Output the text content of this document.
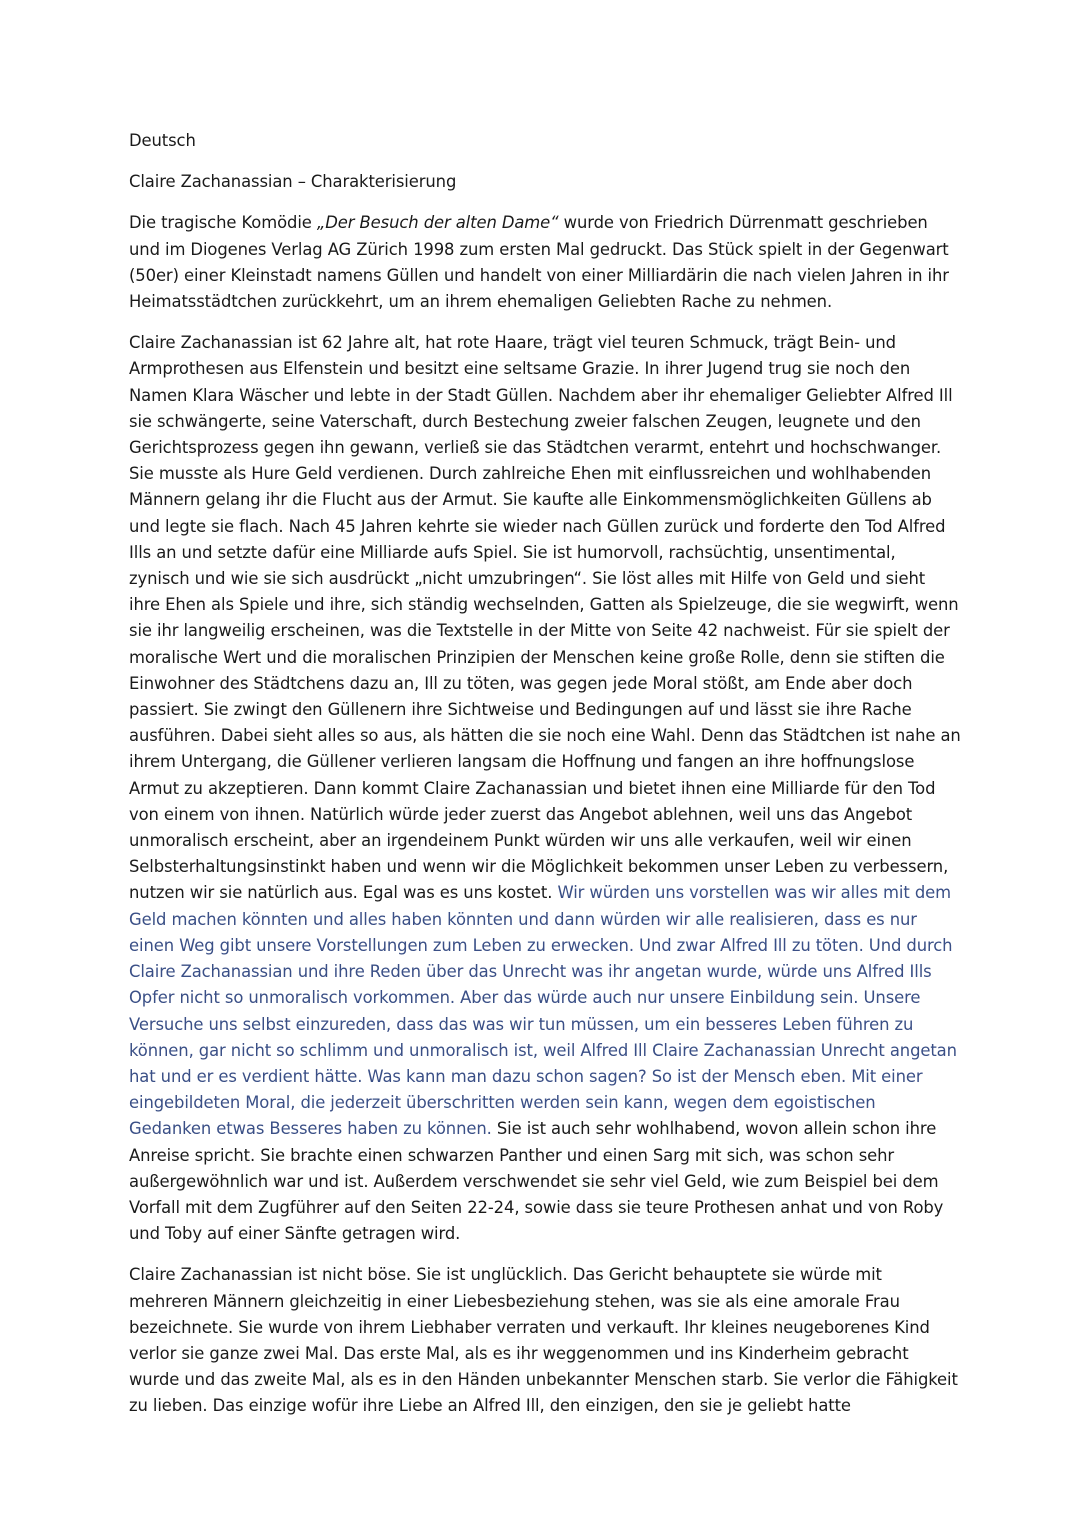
Deutsch

Claire Zachanassian – Charakterisierung

Die tragische Komödie „Der Besuch der alten Dame“ wurde von Friedrich Dürrenmatt geschrieben und im Diogenes Verlag AG Zürich 1998 zum ersten Mal gedruckt. Das Stück spielt in der Gegenwart (50er) einer Kleinstadt namens Güllen und handelt von einer Milliardärin die nach vielen Jahren in ihr Heimatsstädtchen zurückkehrt, um an ihrem ehemaligen Geliebten Rache zu nehmen.

Claire Zachanassian ist 62 Jahre alt, hat rote Haare, trägt viel teuren Schmuck, trägt Bein- und Armprothesen aus Elfenstein und besitzt eine seltsame Grazie. In ihrer Jugend trug sie noch den Namen Klara Wäscher und lebte in der Stadt Güllen. Nachdem aber ihr ehemaliger Geliebter Alfred Ill sie schwängerte, seine Vaterschaft, durch Bestechung zweier falschen Zeugen, leugnete und den Gerichtsprozess gegen ihn gewann, verließ sie das Städtchen verarmt, entehrt und hochschwanger. Sie musste als Hure Geld verdienen. Durch zahlreiche Ehen mit einflussreichen und wohlhabenden Männern gelang ihr die Flucht aus der Armut. Sie kaufte alle Einkommensmöglichkeiten Güllens ab und legte sie flach. Nach 45 Jahren kehrte sie wieder nach Güllen zurück und forderte den Tod Alfred Ills an und setzte dafür eine Milliarde aufs Spiel. Sie ist humorvoll, rachsüchtig, unsentimental, zynisch und wie sie sich ausdrückt „nicht umzubringen“. Sie löst alles mit Hilfe von Geld und sieht ihre Ehen als Spiele und ihre, sich ständig wechselnden, Gatten als Spielzeuge, die sie wegwirft, wenn sie ihr langweilig erscheinen, was die Textstelle in der Mitte von Seite 42 nachweist. Für sie spielt der moralische Wert und die moralischen Prinzipien der Menschen keine große Rolle, denn sie stiften die Einwohner des Städtchens dazu an, Ill zu töten, was gegen jede Moral stößt, am Ende aber doch passiert. Sie zwingt den Güllenern ihre Sichtweise und Bedingungen auf und lässt sie ihre Rache ausführen. Dabei sieht alles so aus, als hätten die sie noch eine Wahl. Denn das Städtchen ist nahe an ihrem Untergang, die Güllener verlieren langsam die Hoffnung und fangen an ihre hoffnungslose Armut zu akzeptieren. Dann kommt Claire Zachanassian und bietet ihnen eine Milliarde für den Tod von einem von ihnen. Natürlich würde jeder zuerst das Angebot ablehnen, weil uns das Angebot unmoralisch erscheint, aber an irgendeinem Punkt würden wir uns alle verkaufen, weil wir einen Selbsterhaltungsinstinkt haben und wenn wir die Möglichkeit bekommen unser Leben zu verbessern, nutzen wir sie natürlich aus. Egal was es uns kostet. Wir würden uns vorstellen was wir alles mit dem Geld machen könnten und alles haben könnten und dann würden wir alle realisieren, dass es nur einen Weg gibt unsere Vorstellungen zum Leben zu erwecken. Und zwar Alfred Ill zu töten. Und durch Claire Zachanassian und ihre Reden über das Unrecht was ihr angetan wurde, würde uns Alfred Ills Opfer nicht so unmoralisch vorkommen. Aber das würde auch nur unsere Einbildung sein. Unsere Versuche uns selbst einzureden, dass das was wir tun müssen, um ein besseres Leben führen zu können, gar nicht so schlimm und unmoralisch ist, weil Alfred Ill Claire Zachanassian Unrecht angetan hat und er es verdient hätte. Was kann man dazu schon sagen? So ist der Mensch eben. Mit einer eingebildeten Moral, die jederzeit überschritten werden sein kann, wegen dem egoistischen Gedanken etwas Besseres haben zu können. Sie ist auch sehr wohlhabend, wovon allein schon ihre Anreise spricht. Sie brachte einen schwarzen Panther und einen Sarg mit sich, was schon sehr außergewöhnlich war und ist. Außerdem verschwendet sie sehr viel Geld, wie zum Beispiel bei dem Vorfall mit dem Zugführer auf den Seiten 22-24, sowie dass sie teure Prothesen anhat und von Roby und Toby auf einer Sänfte getragen wird.

Claire Zachanassian ist nicht böse. Sie ist unglücklich. Das Gericht behauptete sie würde mit mehreren Männern gleichzeitig in einer Liebesbeziehung stehen, was sie als eine amorale Frau bezeichnete. Sie wurde von ihrem Liebhaber verraten und verkauft. Ihr kleines neugeborenes Kind verlor sie ganze zwei Mal. Das erste Mal, als es ihr weggenommen und ins Kinderheim gebracht wurde und das zweite Mal, als es in den Händen unbekannter Menschen starb. Sie verlor die Fähigkeit zu lieben. Das einzige wofür ihre Liebe an Alfred Ill, den einzigen, den sie je geliebt hatte
